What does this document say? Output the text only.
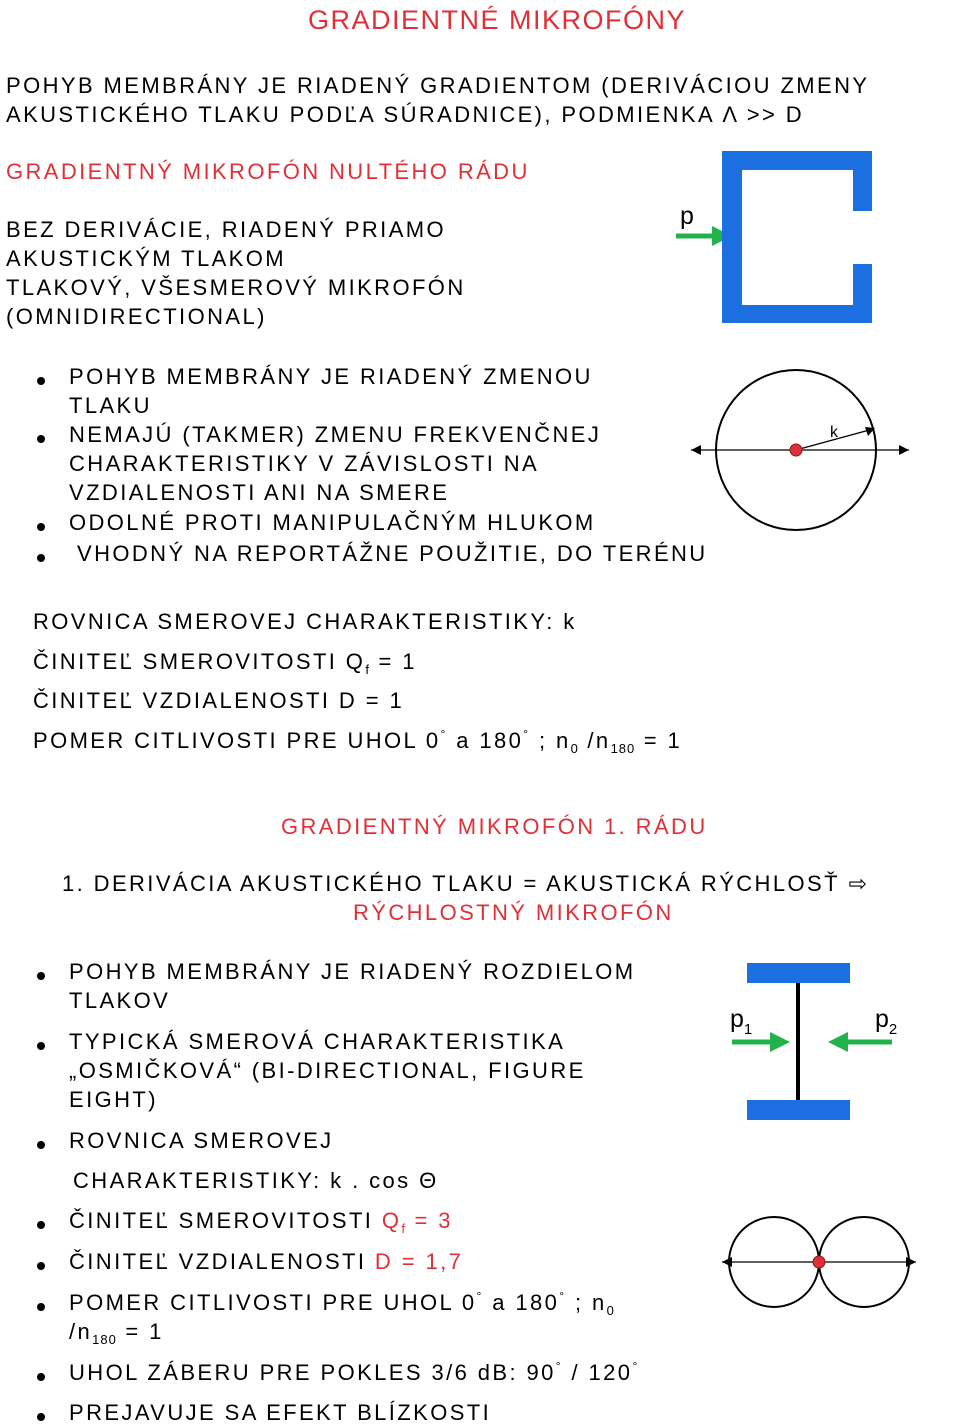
GRADIENTNÉ MIKROFÓNY
POHYB MEMBRÁNY JE RIADENÝ GRADIENTOM (DERIVÁCIOU ZMENY
AKUSTICKÉHO TLAKU PODĽA SÚRADNICE), PODMIENKA Λ >> D
GRADIENTNÝ MIKROFÓN NULTÉHO RÁDU
BEZ DERIVÁCIE, RIADENÝ PRIAMO
AKUSTICKÝM TLAKOM
TLAKOVÝ, VŠESMEROVÝ MIKROFÓN
(OMNIDIRECTIONAL)
p
POHYB MEMBRÁNY JE RIADENÝ ZMENOU
TLAKU
NEMAJÚ (TAKMER) ZMENU FREKVENČNEJ
CHARAKTERISTIKY V ZÁVISLOSTI NA
VZDIALENOSTI ANI NA SMERE
ODOLNÉ PROTI MANIPULAČNÝM HLUKOM
VHODNÝ NA REPORTÁŽNE POUŽITIE, DO TERÉNU
k
ROVNICA SMEROVEJ CHARAKTERISTIKY: k
ČINITEĽ SMEROVITOSTI $Q_f = 1$
ČINITEĽ VZDIALENOSTI D = 1
POMER CITLIVOSTI PRE UHOL 0° a 180° ; $n_0$ $/n_{180} = 1$
GRADIENTNÝ MIKROFÓN 1. RÁDU
1. DERIVÁCIA AKUSTICKÉHO TLAKU = AKUSTICKÁ RÝCHLOSŤ ⇨
RÝCHLOSTNÝ MIKROFÓN
POHYB MEMBRÁNY JE RIADENÝ ROZDIELOM
TLAKOV
TYPICKÁ SMEROVÁ CHARAKTERISTIKA
„OSMIČKOVÁ“ (BI-DIRECTIONAL, FIGURE
EIGHT)
ROVNICA SMEROVEJ
CHARAKTERISTIKY: k . cos Θ
ČINITEĽ SMEROVITOSTI $Q_f = 3$
ČINITEĽ VZDIALENOSTI D = 1,7
POMER CITLIVOSTI PRE UHOL 0° a 180° ; $n_0$
$/n_{180} = 1$
UHOL ZÁBERU PRE POKLES 3/6 dB: 90° / 120°
PREJAVUJE SA EFEKT BLÍZKOSTI
$p_1$	$p_2$
